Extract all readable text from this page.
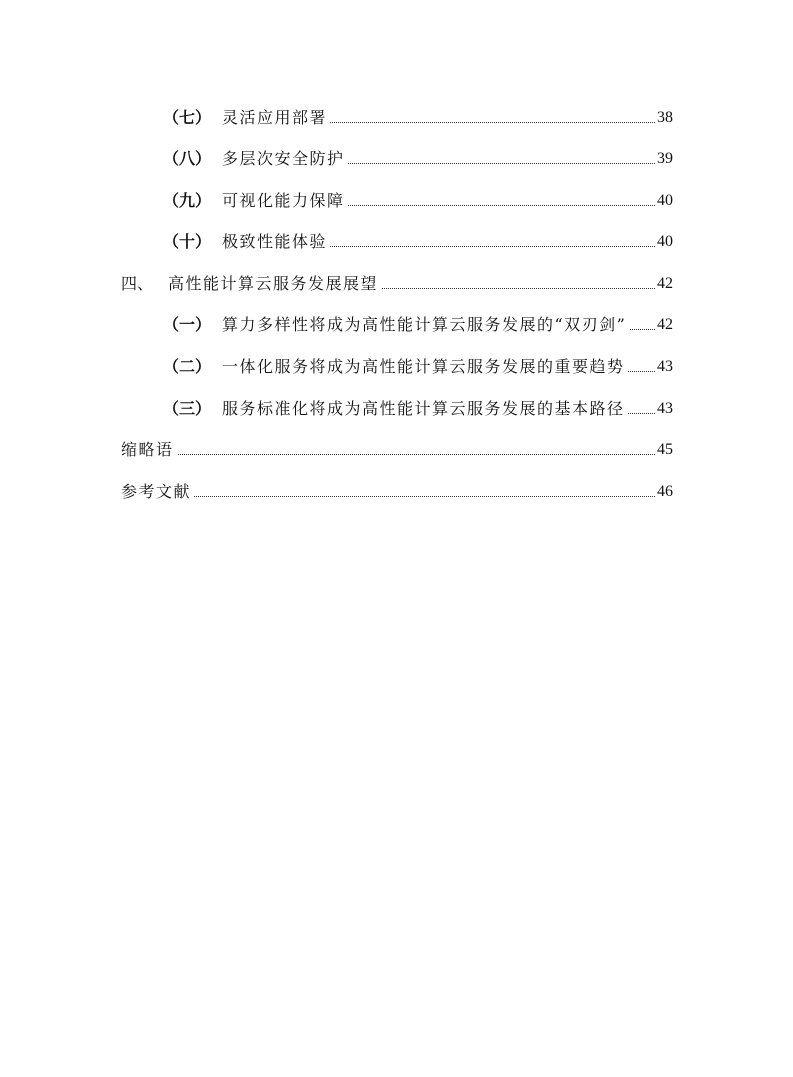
（七） 灵活应用部署	38
（八） 多层次安全防护	39
（九） 可视化能力保障	40
（十） 极致性能体验	40
四、 高性能计算云服务发展展望	42
（一） 算力多样性将成为高性能计算云服务发展的“双刃剑” 42
（二） 一体化服务将成为高性能计算云服务发展的重要趋势 43
（三） 服务标准化将成为高性能计算云服务发展的基本路径 43
缩略语	45
参考文献	46
